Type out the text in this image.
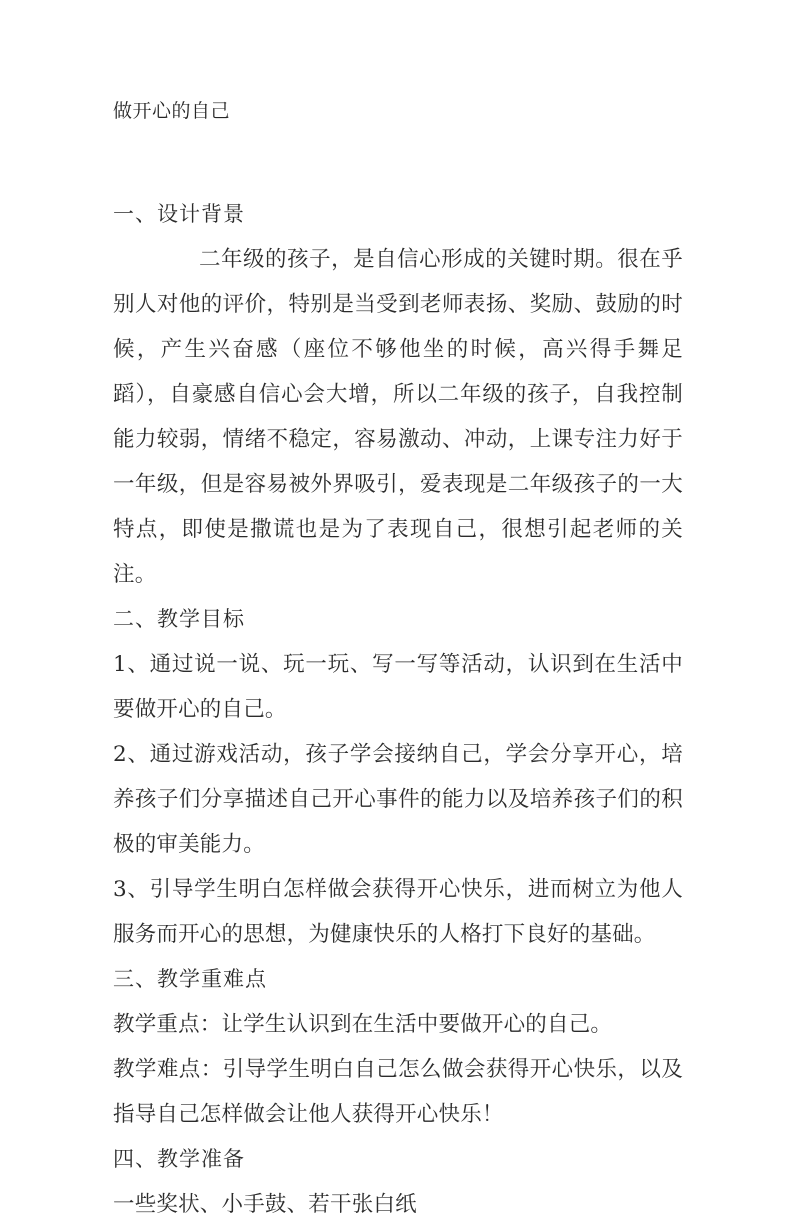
做开心的自己

一、设计背景

二年级的孩子，是自信心形成的关键时期。很在乎别人对他的评价，特别是当受到老师表扬、奖励、鼓励的时候，产生兴奋感（座位不够他坐的时候，高兴得手舞足蹈），自豪感自信心会大增，所以二年级的孩子，自我控制能力较弱，情绪不稳定，容易激动、冲动，上课专注力好于一年级，但是容易被外界吸引，爱表现是二年级孩子的一大特点，即使是撒谎也是为了表现自己，很想引起老师的关注。

二、教学目标

1、通过说一说、玩一玩、写一写等活动，认识到在生活中要做开心的自己。

2、通过游戏活动，孩子学会接纳自己，学会分享开心，培养孩子们分享描述自己开心事件的能力以及培养孩子们的积极的审美能力。

3、引导学生明白怎样做会获得开心快乐，进而树立为他人服务而开心的思想，为健康快乐的人格打下良好的基础。

三、教学重难点

教学重点：让学生认识到在生活中要做开心的自己。

教学难点：引导学生明白自己怎么做会获得开心快乐，以及指导自己怎样做会让他人获得开心快乐！

四、教学准备

一些奖状、小手鼓、若干张白纸
